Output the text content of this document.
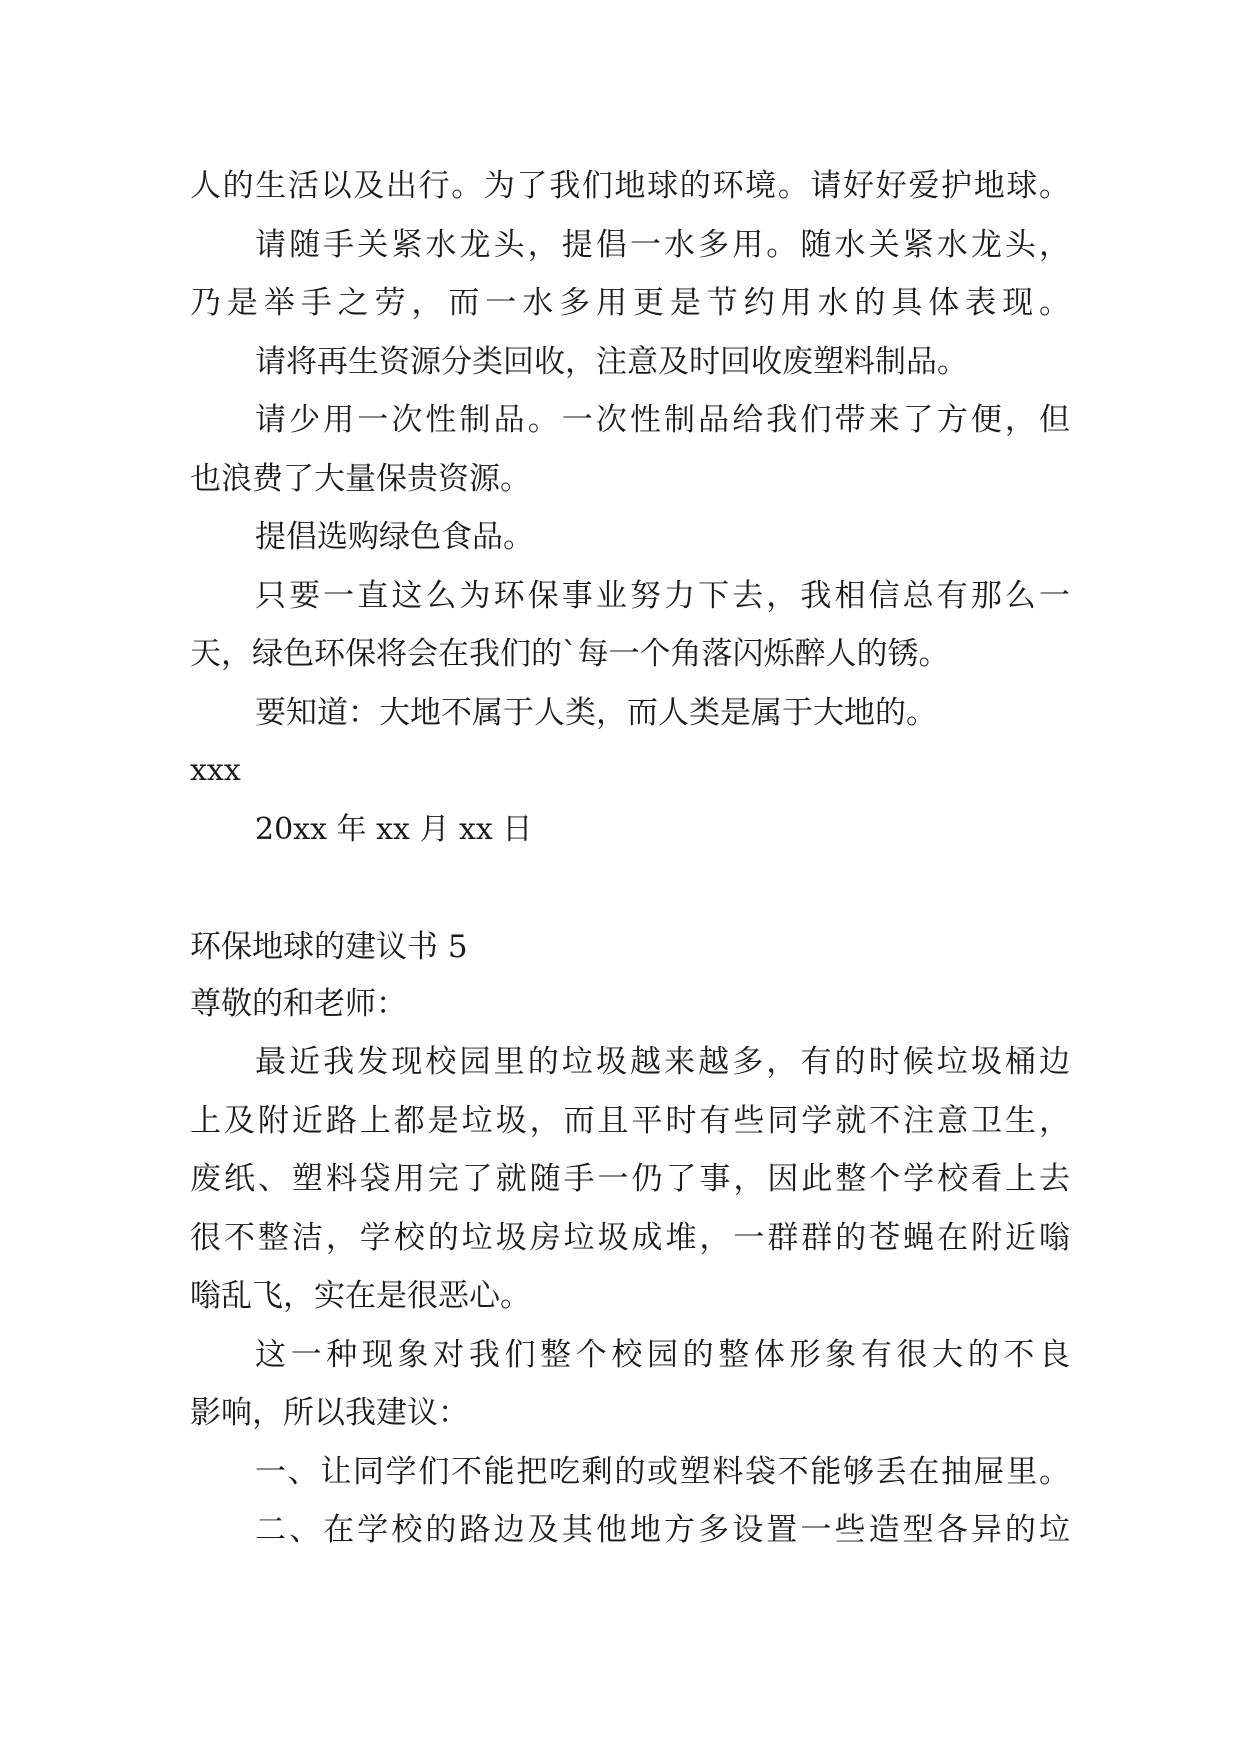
人的生活以及出行。为了我们地球的环境。请好好爱护地球。
请随手关紧水龙头，提倡一水多用。随水关紧水龙头，
乃是举手之劳，而一水多用更是节约用水的具体表现。
请将再生资源分类回收，注意及时回收废塑料制品。
请少用一次性制品。一次性制品给我们带来了方便，但
也浪费了大量保贵资源。
提倡选购绿色食品。
只要一直这么为环保事业努力下去，我相信总有那么一
天，绿色环保将会在我们的`每一个角落闪烁醉人的锈。
要知道：大地不属于人类，而人类是属于大地的。
xxx
20xx 年 xx 月 xx 日
环保地球的建议书 5
尊敬的和老师：
最近我发现校园里的垃圾越来越多，有的时候垃圾桶边
上及附近路上都是垃圾，而且平时有些同学就不注意卫生，
废纸、塑料袋用完了就随手一仍了事，因此整个学校看上去
很不整洁，学校的垃圾房垃圾成堆，一群群的苍蝇在附近嗡
嗡乱飞，实在是很恶心。
这一种现象对我们整个校园的整体形象有很大的不良
影响，所以我建议：
一、让同学们不能把吃剩的或塑料袋不能够丢在抽屉里。
二、在学校的路边及其他地方多设置一些造型各异的垃
